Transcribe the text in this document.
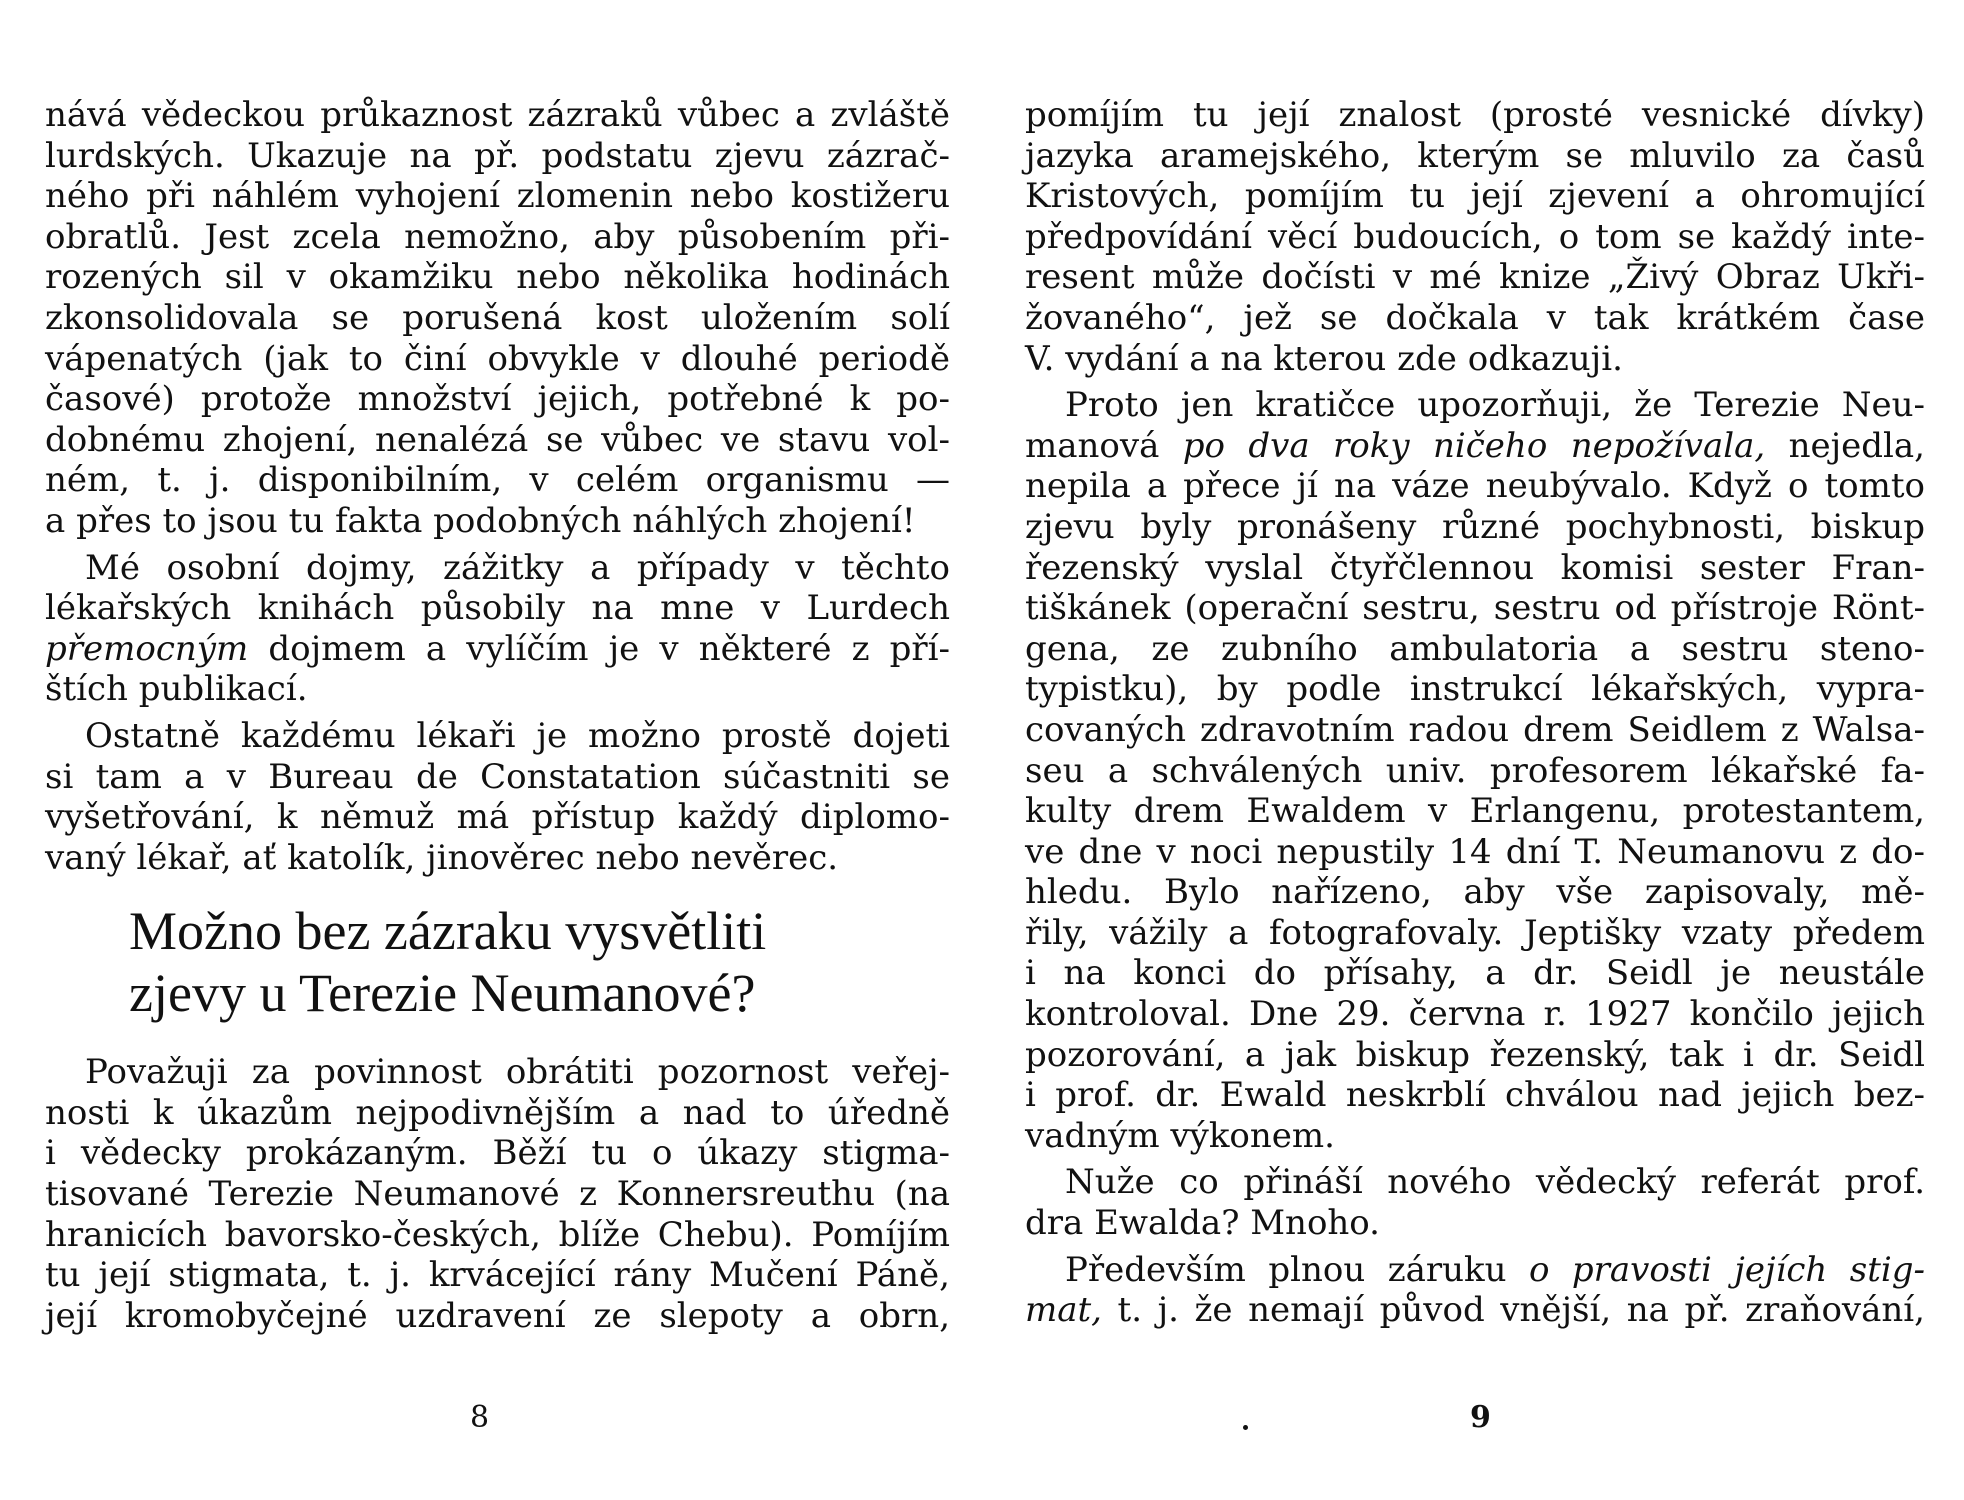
nává vědeckou průkaznost zázraků vůbec a zvláště
lurdských. Ukazuje na př. podstatu zjevu zázrač-
ného při náhlém vyhojení zlomenin nebo kostižeru
obratlů. Jest zcela nemožno, aby působením při-
rozených sil v okamžiku nebo několika hodinách
zkonsolidovala se porušená kost uložením solí
vápenatých (jak to činí obvykle v dlouhé periodě
časové) protože množství jejich, potřebné k po-
dobnému zhojení, nenalézá se vůbec ve stavu vol-
ném, t. j. disponibilním, v celém organismu —
a přes to jsou tu fakta podobných náhlých zhojení!

Mé osobní dojmy, zážitky a případy v těchto
lékařských knihách působily na mne v Lurdech
přemocným dojmem a vylíčím je v některé z pří-
štích publikací.

Ostatně každému lékaři je možno prostě dojeti
si tam a v Bureau de Constatation súčastniti se
vyšetřování, k němuž má přístup každý diplomo-
vaný lékař, ať katolík, jinověrec nebo nevěrec.

Možno bez zázraku vysvětliti
zjevy u Terezie Neumanové?

Považuji za povinnost obrátiti pozornost veřej-
nosti k úkazům nejpodivnějším a nad to úředně
i vědecky prokázaným. Běží tu o úkazy stigma-
tisované Terezie Neumanové z Konnersreuthu (na
hranicích bavorsko-českých, blíže Chebu). Pomíjím
tu její stigmata, t. j. krvácející rány Mučení Páně,
její kromobyčejné uzdravení ze slepoty a obrn,

8

pomíjím tu její znalost (prosté vesnické dívky)
jazyka aramejského, kterým se mluvilo za časů
Kristových, pomíjím tu její zjevení a ohromující
předpovídání věcí budoucích, o tom se každý inte-
resent může dočísti v mé knize „Živý Obraz Ukři-
žovaného“, jež se dočkala v tak krátkém čase
V. vydání a na kterou zde odkazuji.

Proto jen kratičce upozorňuji, že Terezie Neu-
manová po dva roky ničeho nepožívala, nejedla,
nepila a přece jí na váze neubývalo. Když o tomto
zjevu byly pronášeny různé pochybnosti, biskup
řezenský vyslal čtyřčlennou komisi sester Fran-
tiškánek (operační sestru, sestru od přístroje Rönt-
gena, ze zubního ambulatoria a sestru steno-
typistku), by podle instrukcí lékařských, vypra-
covaných zdravotním radou drem Seidlem z Walsa-
seu a schválených univ. profesorem lékařské fa-
kulty drem Ewaldem v Erlangenu, protestantem,
ve dne v noci nepustily 14 dní T. Neumanovu z do-
hledu. Bylo nařízeno, aby vše zapisovaly, mě-
řily, vážily a fotografovaly. Jeptišky vzaty předem
i na konci do přísahy, a dr. Seidl je neustále
kontroloval. Dne 29. června r. 1927 končilo jejich
pozorování, a jak biskup řezenský, tak i dr. Seidl
i prof. dr. Ewald neskrblí chválou nad jejich bez-
vadným výkonem.

Nuže co přináší nového vědecký referát prof.
dra Ewalda? Mnoho.

Především plnou záruku o pravosti jejích stig-
mat, t. j. že nemají původ vnější, na př. zraňování,

9
